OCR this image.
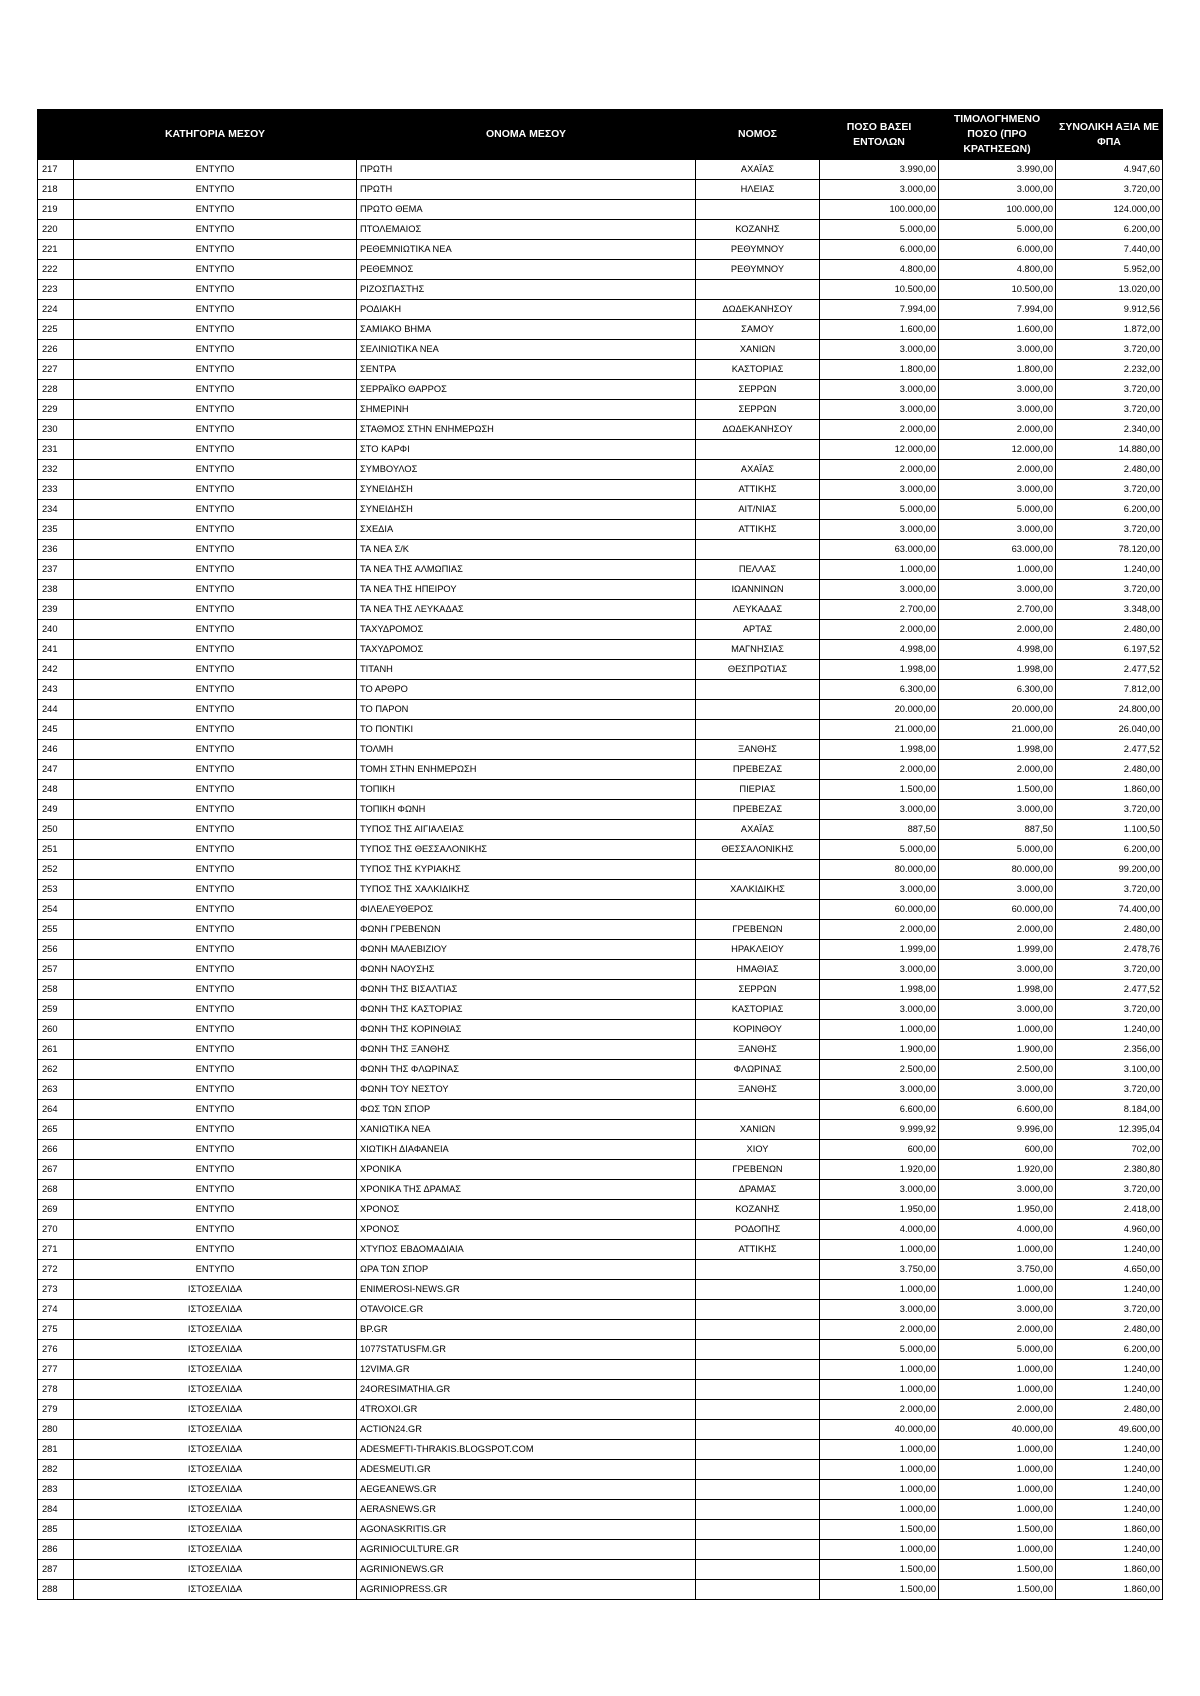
	ΚΑΤΗΓΟΡΙΑ ΜΕΣΟΥ	ΟΝΟΜΑ ΜΕΣΟΥ	ΝΟΜΟΣ	ΠΟΣΟ ΒΑΣΕΙ ΕΝΤΟΛΩΝ	ΤΙΜΟΛΟΓΗΜΕΝΟ ΠΟΣΟ (ΠΡΟ ΚΡΑΤΗΣΕΩΝ)	ΣΥΝΟΛΙΚΗ ΑΞΙΑ ΜΕ ΦΠΑ
217	ΕΝΤΥΠΟ	ΠΡΩΤΗ	ΑΧΑΪΑΣ	3.990,00	3.990,00	4.947,60
218	ΕΝΤΥΠΟ	ΠΡΩΤΗ	ΗΛΕΙΑΣ	3.000,00	3.000,00	3.720,00
219	ΕΝΤΥΠΟ	ΠΡΩΤΟ ΘΕΜΑ		100.000,00	100.000,00	124.000,00
220	ΕΝΤΥΠΟ	ΠΤΟΛΕΜΑΙΟΣ	ΚΟΖΑΝΗΣ	5.000,00	5.000,00	6.200,00
221	ΕΝΤΥΠΟ	ΡΕΘΕΜΝΙΩΤΙΚΑ ΝΕΑ	ΡΕΘΥΜΝΟΥ	6.000,00	6.000,00	7.440,00
222	ΕΝΤΥΠΟ	ΡΕΘΕΜΝΟΣ	ΡΕΘΥΜΝΟΥ	4.800,00	4.800,00	5.952,00
223	ΕΝΤΥΠΟ	ΡΙΖΟΣΠΑΣΤΗΣ		10.500,00	10.500,00	13.020,00
224	ΕΝΤΥΠΟ	ΡΟΔΙΑΚΗ	ΔΩΔΕΚΑΝΗΣΟΥ	7.994,00	7.994,00	9.912,56
225	ΕΝΤΥΠΟ	ΣΑΜΙΑΚΟ ΒΗΜΑ	ΣΑΜΟΥ	1.600,00	1.600,00	1.872,00
226	ΕΝΤΥΠΟ	ΣΕΛΙΝΙΩΤΙΚΑ ΝΕΑ	ΧΑΝΙΩΝ	3.000,00	3.000,00	3.720,00
227	ΕΝΤΥΠΟ	ΣΕΝΤΡΑ	ΚΑΣΤΟΡΙΑΣ	1.800,00	1.800,00	2.232,00
228	ΕΝΤΥΠΟ	ΣΕΡΡΑΪΚΟ ΘΑΡΡΟΣ	ΣΕΡΡΩΝ	3.000,00	3.000,00	3.720,00
229	ΕΝΤΥΠΟ	ΣΗΜΕΡΙΝΗ	ΣΕΡΡΩΝ	3.000,00	3.000,00	3.720,00
230	ΕΝΤΥΠΟ	ΣΤΑΘΜΟΣ ΣΤΗΝ ΕΝΗΜΕΡΩΣΗ	ΔΩΔΕΚΑΝΗΣΟΥ	2.000,00	2.000,00	2.340,00
231	ΕΝΤΥΠΟ	ΣΤΟ ΚΑΡΦΙ		12.000,00	12.000,00	14.880,00
232	ΕΝΤΥΠΟ	ΣΥΜΒΟΥΛΟΣ	ΑΧΑΪΑΣ	2.000,00	2.000,00	2.480,00
233	ΕΝΤΥΠΟ	ΣΥΝΕΙΔΗΣΗ	ΑΤΤΙΚΗΣ	3.000,00	3.000,00	3.720,00
234	ΕΝΤΥΠΟ	ΣΥΝΕΙΔΗΣΗ	ΑΙΤ/ΝΙΑΣ	5.000,00	5.000,00	6.200,00
235	ΕΝΤΥΠΟ	ΣΧΕΔΙΑ	ΑΤΤΙΚΗΣ	3.000,00	3.000,00	3.720,00
236	ΕΝΤΥΠΟ	ΤΑ ΝΕΑ Σ/Κ		63.000,00	63.000,00	78.120,00
237	ΕΝΤΥΠΟ	ΤΑ ΝΕΑ ΤΗΣ ΑΛΜΩΠΙΑΣ	ΠΕΛΛΑΣ	1.000,00	1.000,00	1.240,00
238	ΕΝΤΥΠΟ	ΤΑ ΝΕΑ ΤΗΣ ΗΠΕΙΡΟΥ	ΙΩΑΝΝΙΝΩΝ	3.000,00	3.000,00	3.720,00
239	ΕΝΤΥΠΟ	ΤΑ ΝΕΑ ΤΗΣ ΛΕΥΚΑΔΑΣ	ΛΕΥΚΑΔΑΣ	2.700,00	2.700,00	3.348,00
240	ΕΝΤΥΠΟ	ΤΑΧΥΔΡΟΜΟΣ	ΑΡΤΑΣ	2.000,00	2.000,00	2.480,00
241	ΕΝΤΥΠΟ	ΤΑΧΥΔΡΟΜΟΣ	ΜΑΓΝΗΣΙΑΣ	4.998,00	4.998,00	6.197,52
242	ΕΝΤΥΠΟ	ΤΙΤΑΝΗ	ΘΕΣΠΡΩΤΙΑΣ	1.998,00	1.998,00	2.477,52
243	ΕΝΤΥΠΟ	ΤΟ ΑΡΘΡΟ		6.300,00	6.300,00	7.812,00
244	ΕΝΤΥΠΟ	ΤΟ ΠΑΡΟΝ		20.000,00	20.000,00	24.800,00
245	ΕΝΤΥΠΟ	ΤΟ ΠΟΝΤΙΚΙ		21.000,00	21.000,00	26.040,00
246	ΕΝΤΥΠΟ	ΤΟΛΜΗ	ΞΑΝΘΗΣ	1.998,00	1.998,00	2.477,52
247	ΕΝΤΥΠΟ	ΤΟΜΗ ΣΤΗΝ ΕΝΗΜΕΡΩΣΗ	ΠΡΕΒΕΖΑΣ	2.000,00	2.000,00	2.480,00
248	ΕΝΤΥΠΟ	ΤΟΠΙΚΗ	ΠΙΕΡΙΑΣ	1.500,00	1.500,00	1.860,00
249	ΕΝΤΥΠΟ	ΤΟΠΙΚΗ ΦΩΝΗ	ΠΡΕΒΕΖΑΣ	3.000,00	3.000,00	3.720,00
250	ΕΝΤΥΠΟ	ΤΥΠΟΣ ΤΗΣ ΑΙΓΙΑΛΕΙΑΣ	ΑΧΑΪΑΣ	887,50	887,50	1.100,50
251	ΕΝΤΥΠΟ	ΤΥΠΟΣ ΤΗΣ ΘΕΣΣΑΛΟΝΙΚΗΣ	ΘΕΣΣΑΛΟΝΙΚΗΣ	5.000,00	5.000,00	6.200,00
252	ΕΝΤΥΠΟ	ΤΥΠΟΣ ΤΗΣ ΚΥΡΙΑΚΗΣ		80.000,00	80.000,00	99.200,00
253	ΕΝΤΥΠΟ	ΤΥΠΟΣ ΤΗΣ ΧΑΛΚΙΔΙΚΗΣ	ΧΑΛΚΙΔΙΚΗΣ	3.000,00	3.000,00	3.720,00
254	ΕΝΤΥΠΟ	ΦΙΛΕΛΕΥΘΕΡΟΣ		60.000,00	60.000,00	74.400,00
255	ΕΝΤΥΠΟ	ΦΩΝΗ ΓΡΕΒΕΝΩΝ	ΓΡΕΒΕΝΩΝ	2.000,00	2.000,00	2.480,00
256	ΕΝΤΥΠΟ	ΦΩΝΗ ΜΑΛΕΒΙΖΙΟΥ	ΗΡΑΚΛΕΙΟΥ	1.999,00	1.999,00	2.478,76
257	ΕΝΤΥΠΟ	ΦΩΝΗ ΝΑΟΥΣΗΣ	ΗΜΑΘΙΑΣ	3.000,00	3.000,00	3.720,00
258	ΕΝΤΥΠΟ	ΦΩΝΗ ΤΗΣ ΒΙΣΑΛΤΙΑΣ	ΣΕΡΡΩΝ	1.998,00	1.998,00	2.477,52
259	ΕΝΤΥΠΟ	ΦΩΝΗ ΤΗΣ ΚΑΣΤΟΡΙΑΣ	ΚΑΣΤΟΡΙΑΣ	3.000,00	3.000,00	3.720,00
260	ΕΝΤΥΠΟ	ΦΩΝΗ ΤΗΣ ΚΟΡΙΝΘΙΑΣ	ΚΟΡΙΝΘΟΥ	1.000,00	1.000,00	1.240,00
261	ΕΝΤΥΠΟ	ΦΩΝΗ ΤΗΣ ΞΑΝΘΗΣ	ΞΑΝΘΗΣ	1.900,00	1.900,00	2.356,00
262	ΕΝΤΥΠΟ	ΦΩΝΗ ΤΗΣ ΦΛΩΡΙΝΑΣ	ΦΛΩΡΙΝΑΣ	2.500,00	2.500,00	3.100,00
263	ΕΝΤΥΠΟ	ΦΩΝΗ ΤΟΥ ΝΕΣΤΟΥ	ΞΑΝΘΗΣ	3.000,00	3.000,00	3.720,00
264	ΕΝΤΥΠΟ	ΦΩΣ ΤΩΝ ΣΠΟΡ		6.600,00	6.600,00	8.184,00
265	ΕΝΤΥΠΟ	ΧΑΝΙΩΤΙΚΑ ΝΕΑ	ΧΑΝΙΩΝ	9.999,92	9.996,00	12.395,04
266	ΕΝΤΥΠΟ	ΧΙΩΤΙΚΗ ΔΙΑΦΑΝΕΙΑ	ΧΙΟΥ	600,00	600,00	702,00
267	ΕΝΤΥΠΟ	ΧΡΟΝΙΚΑ	ΓΡΕΒΕΝΩΝ	1.920,00	1.920,00	2.380,80
268	ΕΝΤΥΠΟ	ΧΡΟΝΙΚΑ ΤΗΣ ΔΡΑΜΑΣ	ΔΡΑΜΑΣ	3.000,00	3.000,00	3.720,00
269	ΕΝΤΥΠΟ	ΧΡΟΝΟΣ	ΚΟΖΑΝΗΣ	1.950,00	1.950,00	2.418,00
270	ΕΝΤΥΠΟ	ΧΡΟΝΟΣ	ΡΟΔΟΠΗΣ	4.000,00	4.000,00	4.960,00
271	ΕΝΤΥΠΟ	ΧΤΥΠΟΣ ΕΒΔΟΜΑΔΙΑΙΑ	ΑΤΤΙΚΗΣ	1.000,00	1.000,00	1.240,00
272	ΕΝΤΥΠΟ	ΩΡΑ ΤΩΝ ΣΠΟΡ		3.750,00	3.750,00	4.650,00
273	ΙΣΤΟΣΕΛΙΔΑ	ΕNIMEROSI-NEWS.GR		1.000,00	1.000,00	1.240,00
274	ΙΣΤΟΣΕΛΙΔΑ	ΟTAVOICE.GR		3.000,00	3.000,00	3.720,00
275	ΙΣΤΟΣΕΛΙΔΑ	ΒP.GR		2.000,00	2.000,00	2.480,00
276	ΙΣΤΟΣΕΛΙΔΑ	1077STATUSFM.GR		5.000,00	5.000,00	6.200,00
277	ΙΣΤΟΣΕΛΙΔΑ	12VIMA.GR		1.000,00	1.000,00	1.240,00
278	ΙΣΤΟΣΕΛΙΔΑ	24ORESIMATHIA.GR		1.000,00	1.000,00	1.240,00
279	ΙΣΤΟΣΕΛΙΔΑ	4TROXOI.GR		2.000,00	2.000,00	2.480,00
280	ΙΣΤΟΣΕΛΙΔΑ	ACTION24.GR		40.000,00	40.000,00	49.600,00
281	ΙΣΤΟΣΕΛΙΔΑ	ADESMEFTI-THRAKIS.BLOGSPOT.COM		1.000,00	1.000,00	1.240,00
282	ΙΣΤΟΣΕΛΙΔΑ	ADESMEUTI.GR		1.000,00	1.000,00	1.240,00
283	ΙΣΤΟΣΕΛΙΔΑ	AEGEANEWS.GR		1.000,00	1.000,00	1.240,00
284	ΙΣΤΟΣΕΛΙΔΑ	AERASNEWS.GR		1.000,00	1.000,00	1.240,00
285	ΙΣΤΟΣΕΛΙΔΑ	AGONASKRITIS.GR		1.500,00	1.500,00	1.860,00
286	ΙΣΤΟΣΕΛΙΔΑ	AGRINIOCULTURE.GR		1.000,00	1.000,00	1.240,00
287	ΙΣΤΟΣΕΛΙΔΑ	AGRINIONEWS.GR		1.500,00	1.500,00	1.860,00
288	ΙΣΤΟΣΕΛΙΔΑ	AGRINIOPRESS.GR		1.500,00	1.500,00	1.860,00
